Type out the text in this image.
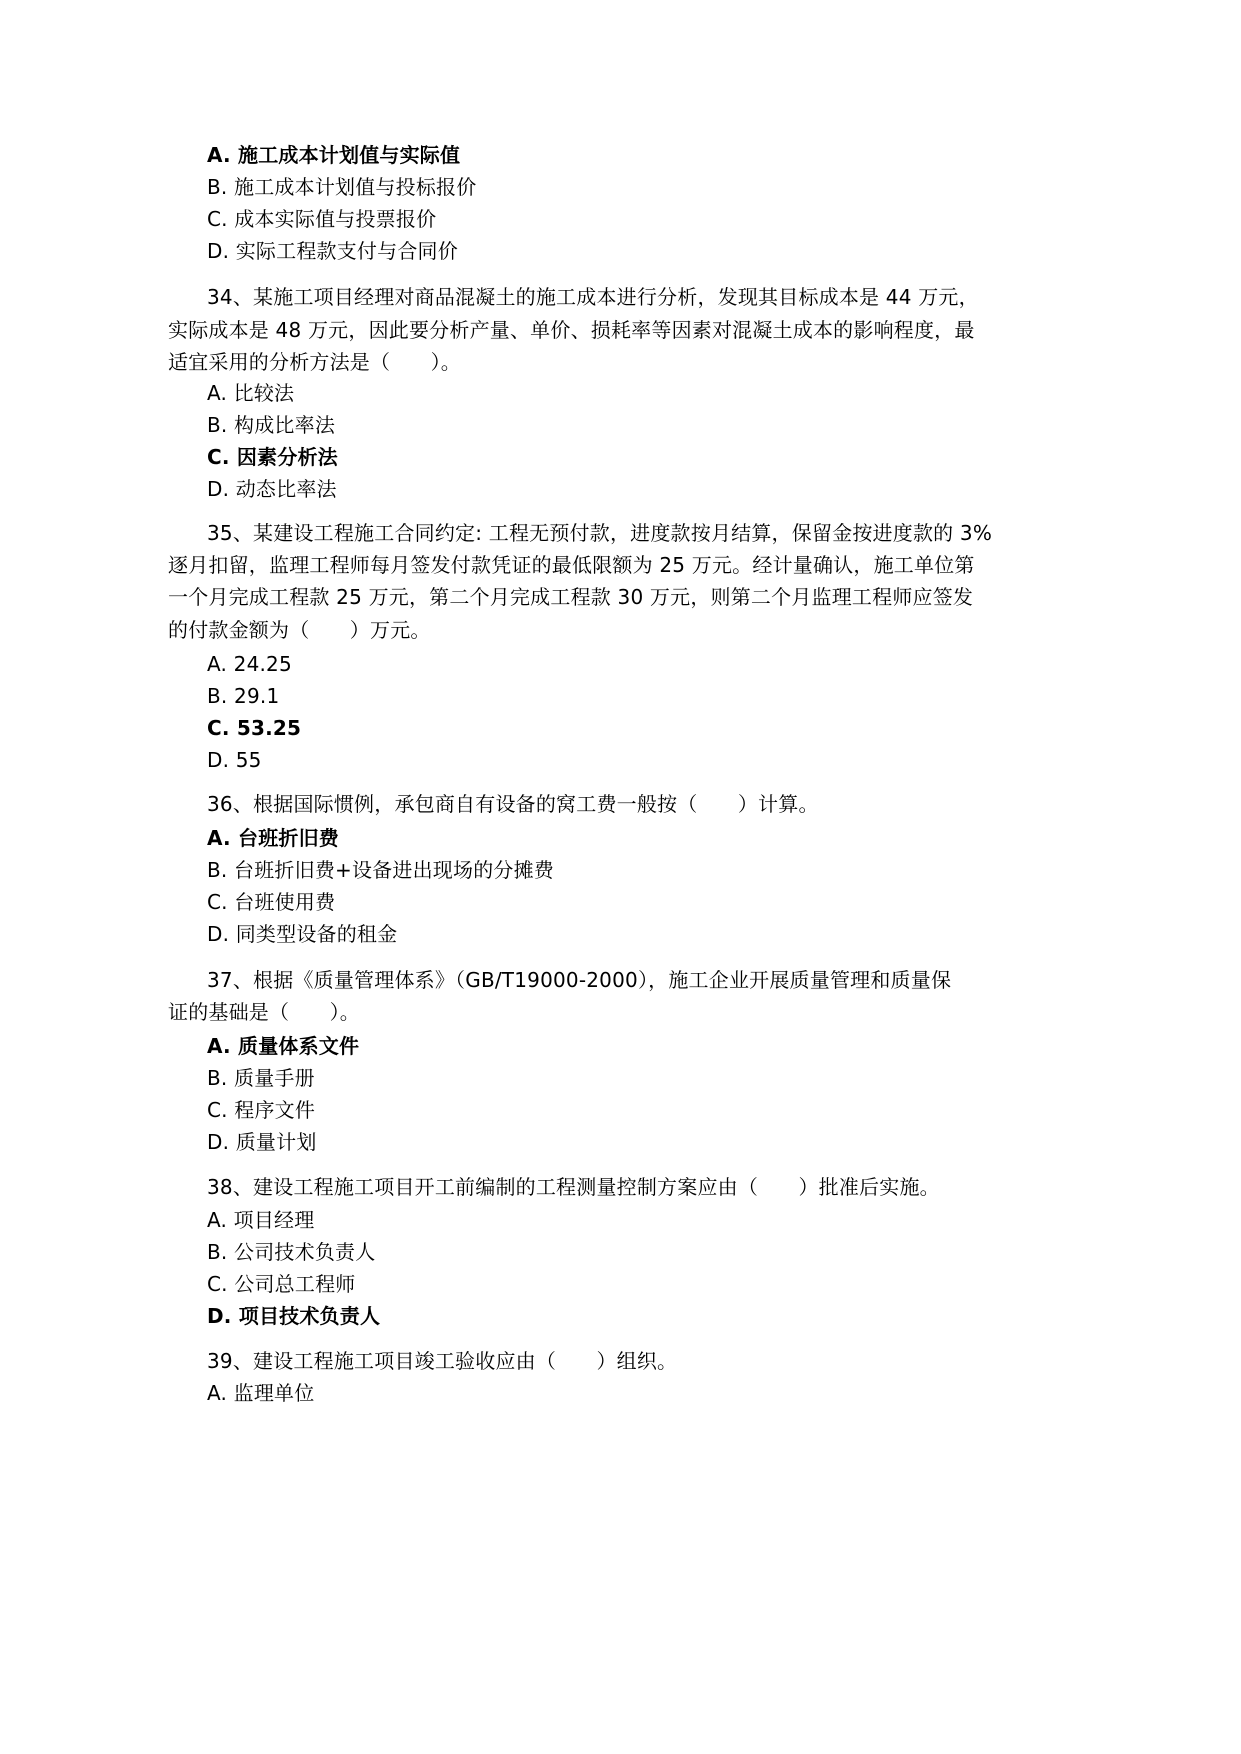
A. 施工成本计划值与实际值
B. 施工成本计划值与投标报价
C. 成本实际值与投票报价
D. 实际工程款支付与合同价
34、某施工项目经理对商品混凝土的施工成本进行分析，发现其目标成本是 44 万元，
实际成本是 48 万元，因此要分析产量、单价、损耗率等因素对混凝土成本的影响程度，最
适宜采用的分析方法是（　　）。
A. 比较法
B. 构成比率法
C. 因素分析法
D. 动态比率法
35、某建设工程施工合同约定: 工程无预付款，进度款按月结算，保留金按进度款的 3%
逐月扣留，监理工程师每月签发付款凭证的最低限额为 25 万元。经计量确认，施工单位第
一个月完成工程款 25 万元，第二个月完成工程款 30 万元，则第二个月监理工程师应签发
的付款金额为（　　）万元。
A. 24.25
B. 29.1
C. 53.25
D. 55
36、根据国际惯例，承包商自有设备的窝工费一般按（　　）计算。
A. 台班折旧费
B. 台班折旧费+设备进出现场的分摊费
C. 台班使用费
D. 同类型设备的租金
37、根据《质量管理体系》（GB/T19000-2000），施工企业开展质量管理和质量保
证的基础是（　　）。
A. 质量体系文件
B. 质量手册
C. 程序文件
D. 质量计划
38、建设工程施工项目开工前编制的工程测量控制方案应由（　　）批准后实施。
A. 项目经理
B. 公司技术负责人
C. 公司总工程师
D. 项目技术负责人
39、建设工程施工项目竣工验收应由（　　）组织。
A. 监理单位
